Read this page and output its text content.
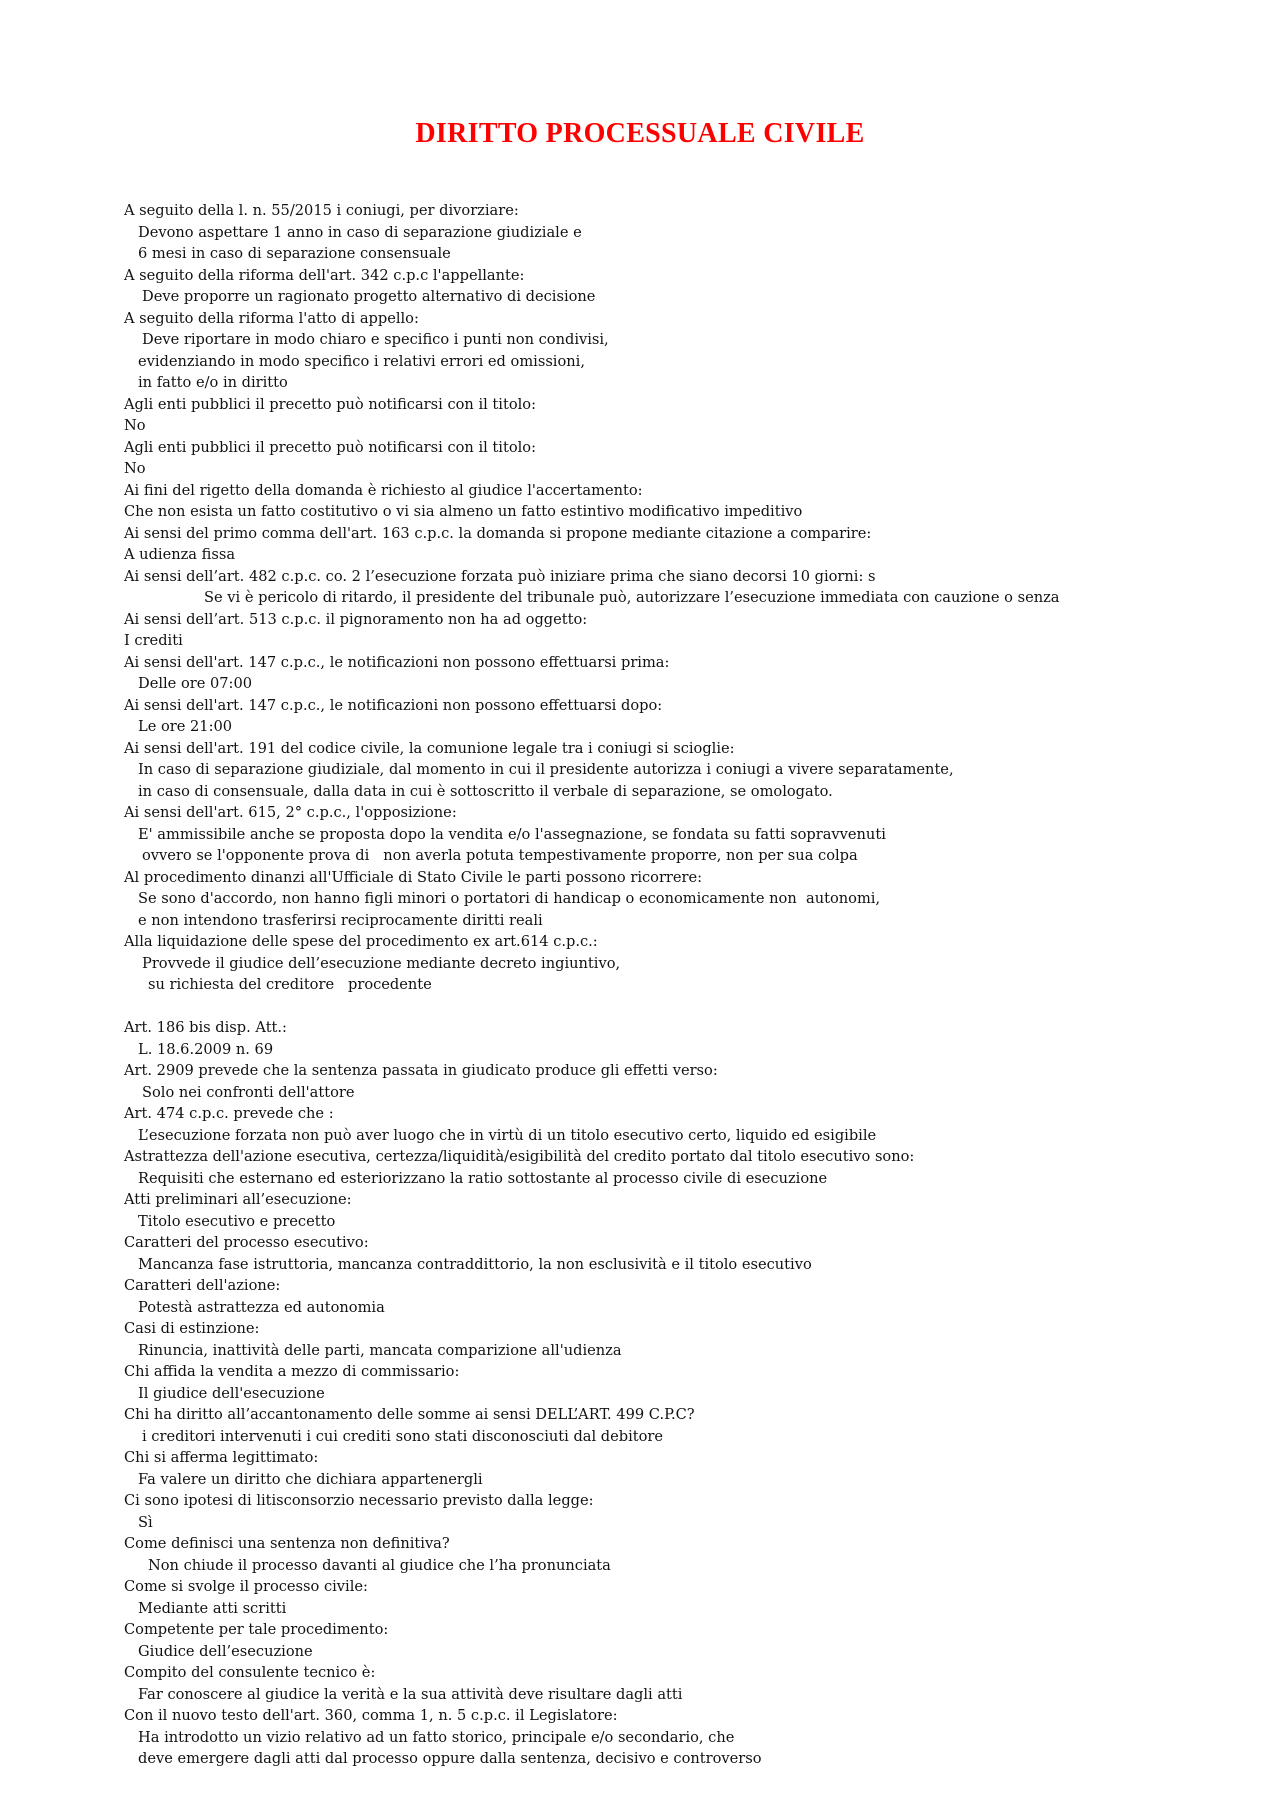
DIRITTO PROCESSUALE CIVILE
A seguito della l. n. 55/2015 i coniugi, per divorziare:
Devono aspettare 1 anno in caso di separazione giudiziale e
6 mesi in caso di separazione consensuale
A seguito della riforma dell'art. 342 c.p.c l'appellante:
Deve proporre un ragionato progetto alternativo di decisione
A seguito della riforma l'atto di appello:
Deve riportare in modo chiaro e specifico i punti non condivisi,
evidenziando in modo specifico i relativi errori ed omissioni,
in fatto e/o in diritto
Agli enti pubblici il precetto può notificarsi con il titolo:
No
Agli enti pubblici il precetto può notificarsi con il titolo:
No
Ai fini del rigetto della domanda è richiesto al giudice l'accertamento:
Che non esista un fatto costitutivo o vi sia almeno un fatto estintivo modificativo impeditivo
Ai sensi del primo comma dell'art. 163 c.p.c. la domanda si propone mediante citazione a comparire:
A udienza fissa
Ai sensi dell’art. 482 c.p.c. co. 2 l’esecuzione forzata può iniziare prima che siano decorsi 10 giorni: s
Se vi è pericolo di ritardo, il presidente del tribunale può, autorizzare l’esecuzione immediata con cauzione o senza
Ai sensi dell’art. 513 c.p.c. il pignoramento non ha ad oggetto:
I crediti
Ai sensi dell'art. 147 c.p.c., le notificazioni non possono effettuarsi prima:
Delle ore 07:00
Ai sensi dell'art. 147 c.p.c., le notificazioni non possono effettuarsi dopo:
Le ore 21:00
Ai sensi dell'art. 191 del codice civile, la comunione legale tra i coniugi si scioglie:
In caso di separazione giudiziale, dal momento in cui il presidente autorizza i coniugi a vivere separatamente,
in caso di consensuale, dalla data in cui è sottoscritto il verbale di separazione, se omologato.
Ai sensi dell'art. 615, 2° c.p.c., l'opposizione:
E' ammissibile anche se proposta dopo la vendita e/o l'assegnazione, se fondata su fatti sopravvenuti
ovvero se l'opponente prova di   non averla potuta tempestivamente proporre, non per sua colpa
Al procedimento dinanzi all'Ufficiale di Stato Civile le parti possono ricorrere:
Se sono d'accordo, non hanno figli minori o portatori di handicap o economicamente non  autonomi,
e non intendono trasferirsi reciprocamente diritti reali
Alla liquidazione delle spese del procedimento ex art.614 c.p.c.:
Provvede il giudice dell’esecuzione mediante decreto ingiuntivo,
su richiesta del creditore   procedente
Art. 186 bis disp. Att.:
L. 18.6.2009 n. 69
Art. 2909 prevede che la sentenza passata in giudicato produce gli effetti verso:
Solo nei confronti dell'attore
Art. 474 c.p.c. prevede che :
L’esecuzione forzata non può aver luogo che in virtù di un titolo esecutivo certo, liquido ed esigibile
Astrattezza dell'azione esecutiva, certezza/liquidità/esigibilità del credito portato dal titolo esecutivo sono:
Requisiti che esternano ed esteriorizzano la ratio sottostante al processo civile di esecuzione
Atti preliminari all’esecuzione:
Titolo esecutivo e precetto
Caratteri del processo esecutivo:
Mancanza fase istruttoria, mancanza contraddittorio, la non esclusività e il titolo esecutivo
Caratteri dell'azione:
Potestà astrattezza ed autonomia
Casi di estinzione:
Rinuncia, inattività delle parti, mancata comparizione all'udienza
Chi affida la vendita a mezzo di commissario:
Il giudice dell'esecuzione
Chi ha diritto all’accantonamento delle somme ai sensi DELL’ART. 499 C.P.C?
i creditori intervenuti i cui crediti sono stati disconosciuti dal debitore
Chi si afferma legittimato:
Fa valere un diritto che dichiara appartenergli
Ci sono ipotesi di litisconsorzio necessario previsto dalla legge:
Sì
Come definisci una sentenza non definitiva?
Non chiude il processo davanti al giudice che l’ha pronunciata
Come si svolge il processo civile:
Mediante atti scritti
Competente per tale procedimento:
Giudice dell’esecuzione
Compito del consulente tecnico è:
Far conoscere al giudice la verità e la sua attività deve risultare dagli atti
Con il nuovo testo dell'art. 360, comma 1, n. 5 c.p.c. il Legislatore:
Ha introdotto un vizio relativo ad un fatto storico, principale e/o secondario, che
deve emergere dagli atti dal processo oppure dalla sentenza, decisivo e controverso
